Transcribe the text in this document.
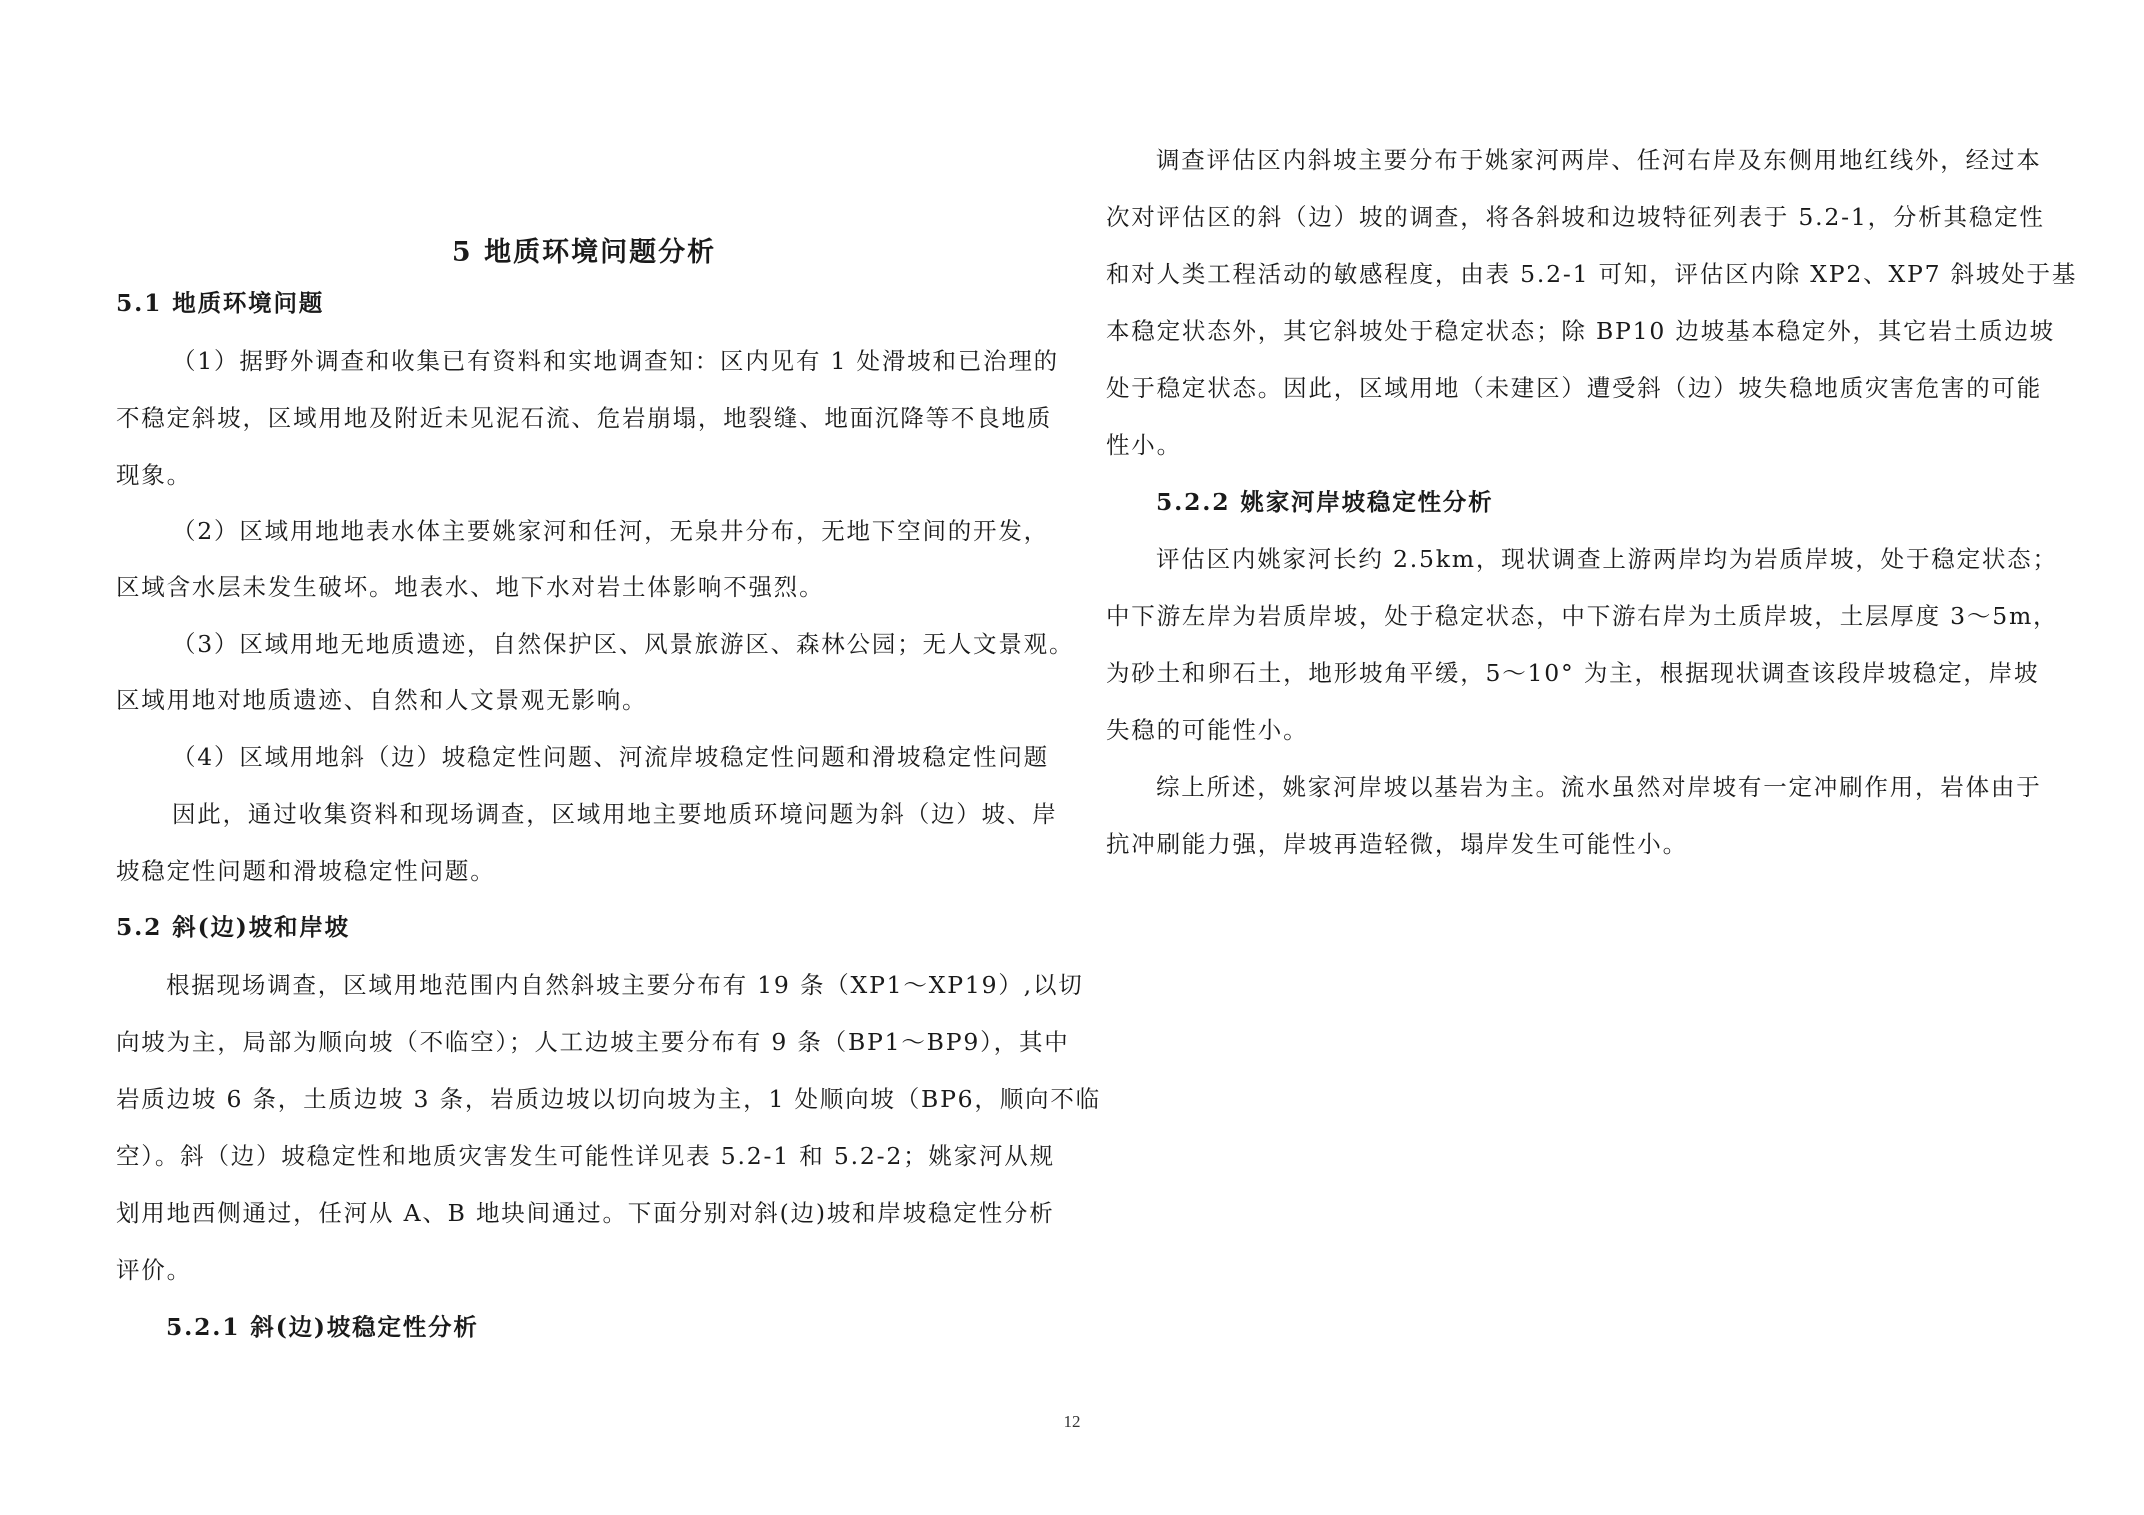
5 地质环境问题分析
5.1 地质环境问题
（1）据野外调查和收集已有资料和实地调查知：区内见有 1 处滑坡和已治理的
不稳定斜坡，区域用地及附近未见泥石流、危岩崩塌，地裂缝、地面沉降等不良地质
现象。
（2）区域用地地表水体主要姚家河和任河，无泉井分布，无地下空间的开发，
区域含水层未发生破坏。地表水、地下水对岩土体影响不强烈。
（3）区域用地无地质遗迹，自然保护区、风景旅游区、森林公园；无人文景观。
区域用地对地质遗迹、自然和人文景观无影响。
（4）区域用地斜（边）坡稳定性问题、河流岸坡稳定性问题和滑坡稳定性问题
因此，通过收集资料和现场调查，区域用地主要地质环境问题为斜（边）坡、岸
坡稳定性问题和滑坡稳定性问题。
5.2 斜(边)坡和岸坡
根据现场调查，区域用地范围内自然斜坡主要分布有 19 条（XP1～XP19）,以切
向坡为主，局部为顺向坡（不临空）；人工边坡主要分布有 9 条（BP1～BP9），其中
岩质边坡 6 条，土质边坡 3 条，岩质边坡以切向坡为主，1 处顺向坡（BP6，顺向不临
空）。斜（边）坡稳定性和地质灾害发生可能性详见表 5.2-1 和 5.2-2；姚家河从规
划用地西侧通过，任河从 A、B 地块间通过。下面分别对斜(边)坡和岸坡稳定性分析
评价。
5.2.1 斜(边)坡稳定性分析
调查评估区内斜坡主要分布于姚家河两岸、任河右岸及东侧用地红线外，经过本
次对评估区的斜（边）坡的调查，将各斜坡和边坡特征列表于 5.2-1，分析其稳定性
和对人类工程活动的敏感程度，由表 5.2-1 可知，评估区内除 XP2、XP7 斜坡处于基
本稳定状态外，其它斜坡处于稳定状态；除 BP10 边坡基本稳定外，其它岩土质边坡
处于稳定状态。因此，区域用地（未建区）遭受斜（边）坡失稳地质灾害危害的可能
性小。
5.2.2 姚家河岸坡稳定性分析
评估区内姚家河长约 2.5km，现状调查上游两岸均为岩质岸坡，处于稳定状态；
中下游左岸为岩质岸坡，处于稳定状态，中下游右岸为土质岸坡，土层厚度 3～5m，
为砂土和卵石土，地形坡角平缓，5～10° 为主，根据现状调查该段岸坡稳定，岸坡
失稳的可能性小。
综上所述，姚家河岸坡以基岩为主。流水虽然对岸坡有一定冲刷作用，岩体由于
抗冲刷能力强，岸坡再造轻微，塌岸发生可能性小。
12
